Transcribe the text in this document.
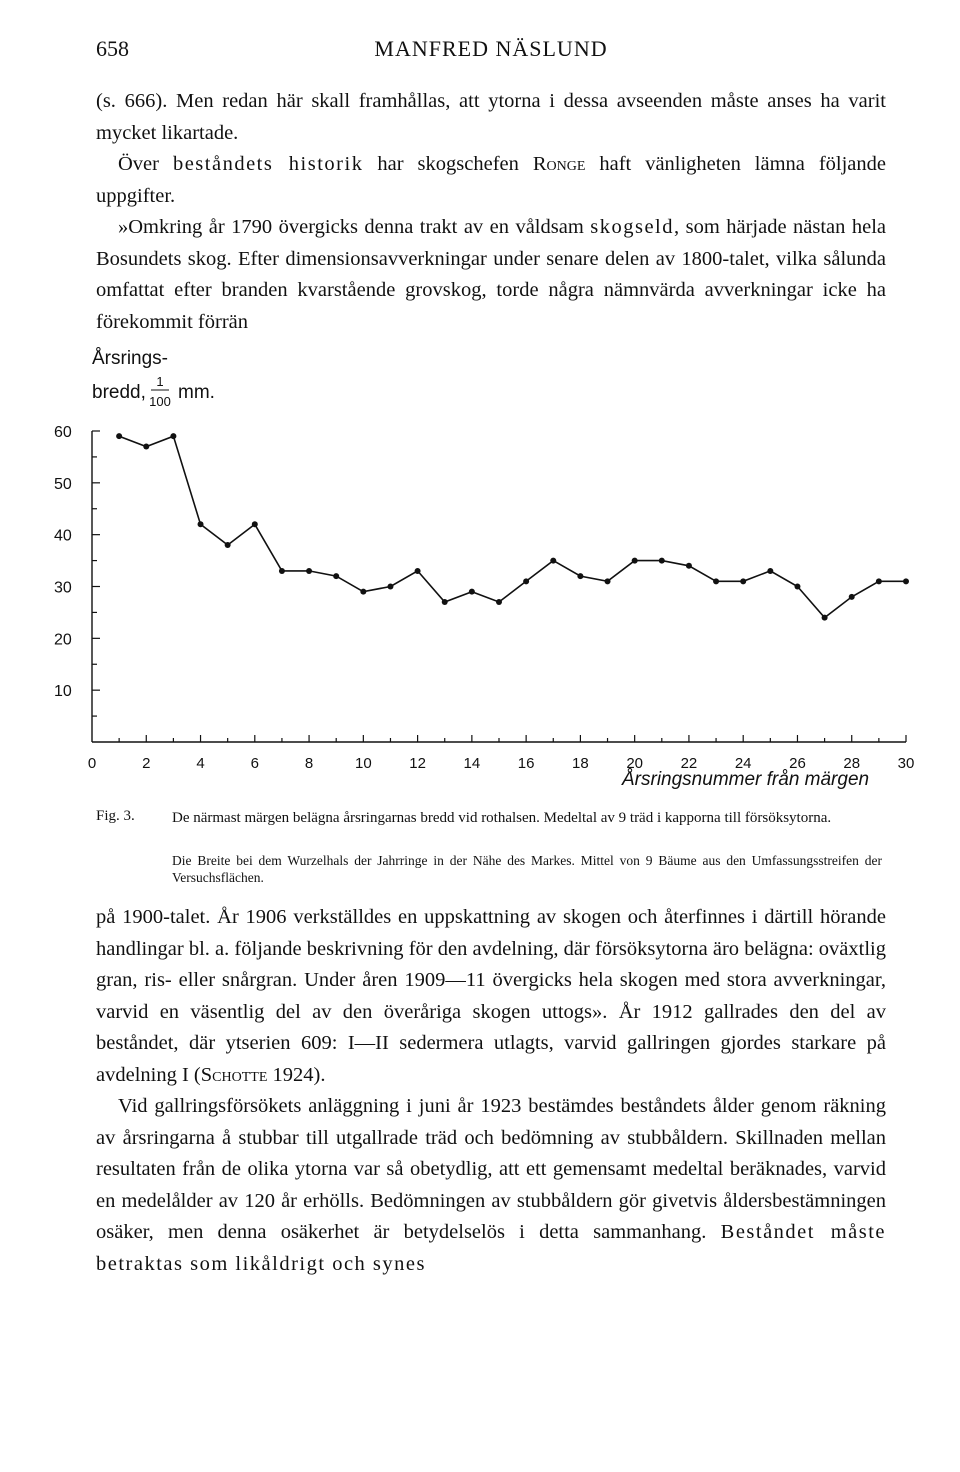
658	MANFRED NÄSLUND

(s. 666). Men redan här skall framhållas, att ytorna i dessa avseenden måste anses ha varit mycket likartade.

Över beståndets historik har skogschefen Ronge haft vänligheten lämna följande uppgifter.

»Omkring år 1790 övergicks denna trakt av en våldsam skogseld, som härjade nästan hela Bosundets skog. Efter dimensionsavverkningar under senare delen av 1800-talet, vilka sålunda omfattat efter branden kvarstående grovskog, torde några nämnvärda avverkningar icke ha förekommit förrän

Årsrings-
bredd,
1
100 mm.
60
50
40
30
20
10
0	2	4	6	8	10	12	14	16	18	20	22	24	26	28	30
Årsringsnummer från märgen
Fig. 3. De närmast märgen belägna årsringarnas bredd vid rothalsen. Medeltal av 9 träd i kapporna till försöksytorna.
Die Breite bei dem Wurzelhals der Jahrringe in der Nähe des Markes. Mittel von 9 Bäume aus den Umfassungsstreifen der Versuchsflächen.

på 1900-talet. År 1906 verkställdes en uppskattning av skogen och återfinnes i därtill hörande handlingar bl. a. följande beskrivning för den avdelning, där försöksytorna äro belägna: oväxtlig gran, ris- eller snårgran. Under åren 1909—11 övergicks hela skogen med stora avverkningar, varvid en väsentlig del av den överåriga skogen uttogs». År 1912 gallrades den del av beståndet, där ytserien 609: I—II sedermera utlagts, varvid gallringen gjordes starkare på avdelning I (Schotte 1924).

Vid gallringsförsökets anläggning i juni år 1923 bestämdes beståndets ålder genom räkning av årsringarna å stubbar till utgallrade träd och bedömning av stubbåldern. Skillnaden mellan resultaten från de olika ytorna var så obetydlig, att ett gemensamt medeltal beräknades, varvid en medelålder av 120 år erhölls. Bedömningen av stubbåldern gör givetvis åldersbestämningen osäker, men denna osäkerhet är betydelselös i detta sammanhang. Beståndet måste betraktas som likåldrigt och synes
